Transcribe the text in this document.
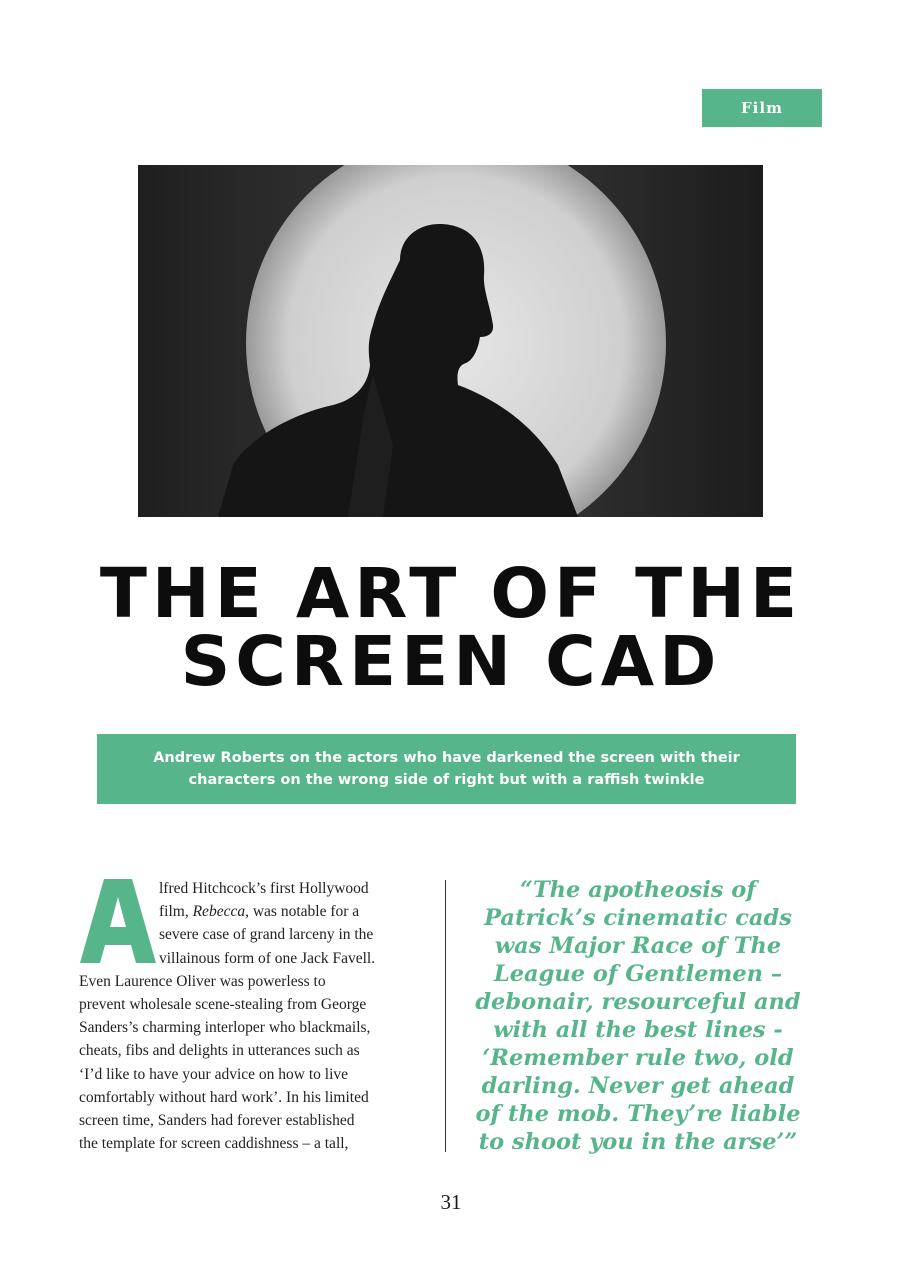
Film
THE ART OF THE
SCREEN CAD
Andrew Roberts on the actors who have darkened the screen with their
characters on the wrong side of right but with a raffish twinkle
A
lfred Hitchcock’s first Hollywood
film, Rebecca, was notable for a
severe case of grand larceny in the
villainous form of one Jack Favell.
Even Laurence Oliver was powerless to
prevent wholesale scene-stealing from George
Sanders’s charming interloper who blackmails,
cheats, fibs and delights in utterances such as
‘I’d like to have your advice on how to live
comfortably without hard work’. In his limited
screen time, Sanders had forever established
the template for screen caddishness – a tall,
“The apotheosis of
Patrick’s cinematic cads
was Major Race of The
League of Gentlemen –
debonair, resourceful and
with all the best lines -
‘Remember rule two, old
darling. Never get ahead
of the mob. They’re liable
to shoot you in the arse’”
31
